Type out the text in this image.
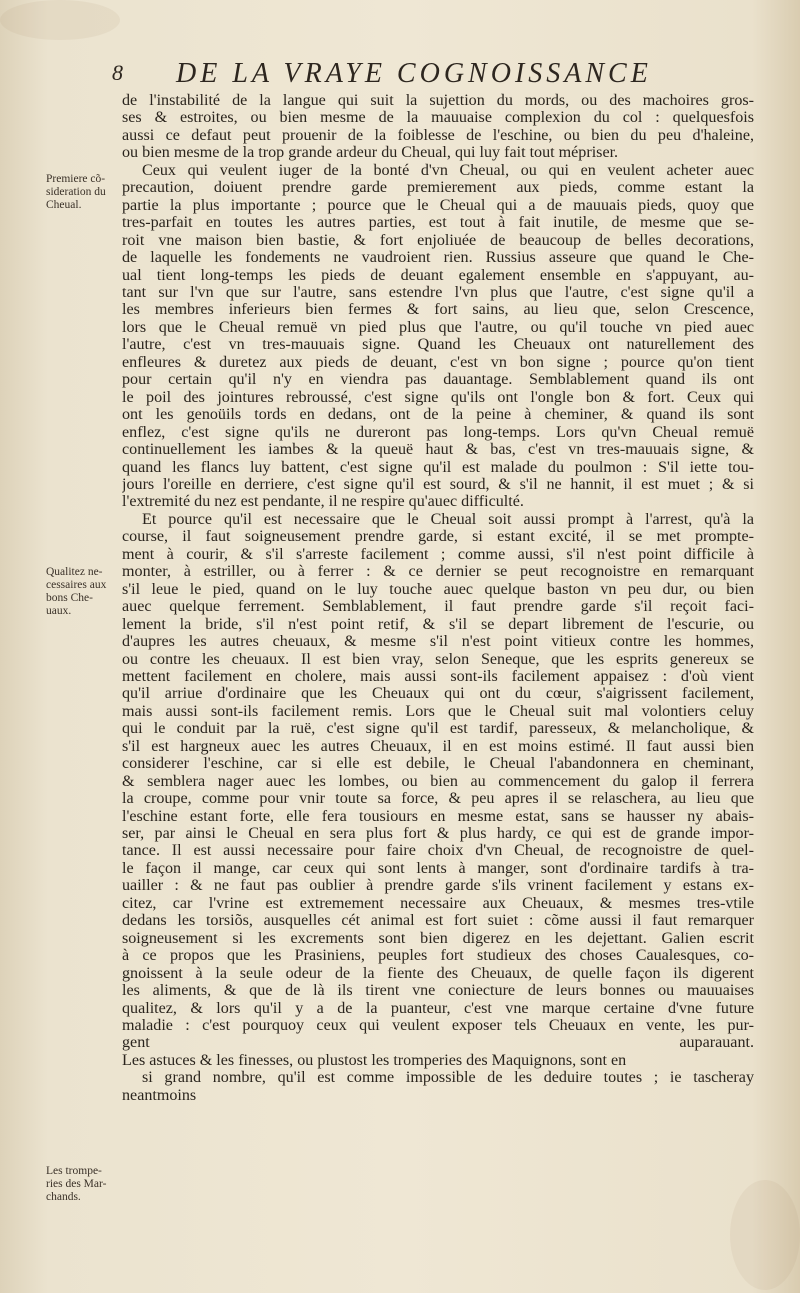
8 DE LA VRAYE COGNOISSANCE
Premiere cõ-
sideration du
Cheual.
Qualitez ne-
cessaires aux
bons Che-
uaux.
Les trompe-
ries des Mar-
chands.
de l'instabilité de la langue qui suit la sujettion du mords, ou des machoires gros-
ses & estroites, ou bien mesme de la mauuaise complexion du col : quelquesfois
aussi ce defaut peut prouenir de la foiblesse de l'eschine, ou bien du peu d'haleine,
ou bien mesme de la trop grande ardeur du Cheual, qui luy fait tout mépriser.
Ceux qui veulent iuger de la bonté d'vn Cheual, ou qui en veulent acheter auec
precaution, doiuent prendre garde premierement aux pieds, comme estant la
partie la plus importante ; pource que le Cheual qui a de mauuais pieds, quoy que
tres-parfait en toutes les autres parties, est tout à fait inutile, de mesme que se-
roit vne maison bien bastie, & fort enjoliuée de beaucoup de belles decorations,
de laquelle les fondements ne vaudroient rien. Russius asseure que quand le Che-
ual tient long-temps les pieds de deuant egalement ensemble en s'appuyant, au-
tant sur l'vn que sur l'autre, sans estendre l'vn plus que l'autre, c'est signe qu'il a
les membres inferieurs bien fermes & fort sains, au lieu que, selon Crescence,
lors que le Cheual remuë vn pied plus que l'autre, ou qu'il touche vn pied auec
l'autre, c'est vn tres-mauuais signe. Quand les Cheuaux ont naturellement des
enfleures & duretez aux pieds de deuant, c'est vn bon signe ; pource qu'on tient
pour certain qu'il n'y en viendra pas dauantage. Semblablement quand ils ont
le poil des jointures rebroussé, c'est signe qu'ils ont l'ongle bon & fort. Ceux qui
ont les genoüils tords en dedans, ont de la peine à cheminer, & quand ils sont
enflez, c'est signe qu'ils ne dureront pas long-temps. Lors qu'vn Cheual remuë
continuellement les iambes & la queuë haut & bas, c'est vn tres-mauuais signe, &
quand les flancs luy battent, c'est signe qu'il est malade du poulmon : S'il iette tou-
jours l'oreille en derriere, c'est signe qu'il est sourd, & s'il ne hannit, il est muet ; & si
l'extremité du nez est pendante, il ne respire qu'auec difficulté.
Et pource qu'il est necessaire que le Cheual soit aussi prompt à l'arrest, qu'à la
course, il faut soigneusement prendre garde, si estant excité, il se met prompte-
ment à courir, & s'il s'arreste facilement ; comme aussi, s'il n'est point difficile à
monter, à estriller, ou à ferrer : & ce dernier se peut recognoistre en remarquant
s'il leue le pied, quand on le luy touche auec quelque baston vn peu dur, ou bien
auec quelque ferrement. Semblablement, il faut prendre garde s'il reçoit faci-
lement la bride, s'il n'est point retif, & s'il se depart librement de l'escurie, ou
d'aupres les autres cheuaux, & mesme s'il n'est point vitieux contre les hommes,
ou contre les cheuaux. Il est bien vray, selon Seneque, que les esprits genereux se
mettent facilement en cholere, mais aussi sont-ils facilement appaisez : d'où vient
qu'il arriue d'ordinaire que les Cheuaux qui ont du cœur, s'aigrissent facilement,
mais aussi sont-ils facilement remis. Lors que le Cheual suit mal volontiers celuy
qui le conduit par la ruë, c'est signe qu'il est tardif, paresseux, & melancholique, &
s'il est hargneux auec les autres Cheuaux, il en est moins estimé. Il faut aussi bien
considerer l'eschine, car si elle est debile, le Cheual l'abandonnera en cheminant,
& semblera nager auec les lombes, ou bien au commencement du galop il ferrera
la croupe, comme pour vnir toute sa force, & peu apres il se relaschera, au lieu que
l'eschine estant forte, elle fera tousiours en mesme estat, sans se hausser ny abais-
ser, par ainsi le Cheual en sera plus fort & plus hardy, ce qui est de grande impor-
tance. Il est aussi necessaire pour faire choix d'vn Cheual, de recognoistre de quel-
le façon il mange, car ceux qui sont lents à manger, sont d'ordinaire tardifs à tra-
uailler : & ne faut pas oublier à prendre garde s'ils vrinent facilement y estans ex-
citez, car l'vrine est extremement necessaire aux Cheuaux, & mesmes tres-vtile
dedans les torsiõs, ausquelles cét animal est fort suiet : cõme aussi il faut remarquer
soigneusement si les excrements sont bien digerez en les dejettant. Galien escrit
à ce propos que les Prasiniens, peuples fort studieux des choses Caualesques, co-
gnoissent à la seule odeur de la fiente des Cheuaux, de quelle façon ils digerent
les aliments, & que de là ils tirent vne coniecture de leurs bonnes ou mauuaises
qualitez, & lors qu'il y a de la puanteur, c'est vne marque certaine d'vne future
maladie : c'est pourquoy ceux qui veulent exposer tels Cheuaux en vente, les pur-
gent auparauant.
Les astuces & les finesses, ou plustost les tromperies des Maquignons, sont en
si grand nombre, qu'il est comme impossible de les deduire toutes ; ie tascheray
neantmoins
